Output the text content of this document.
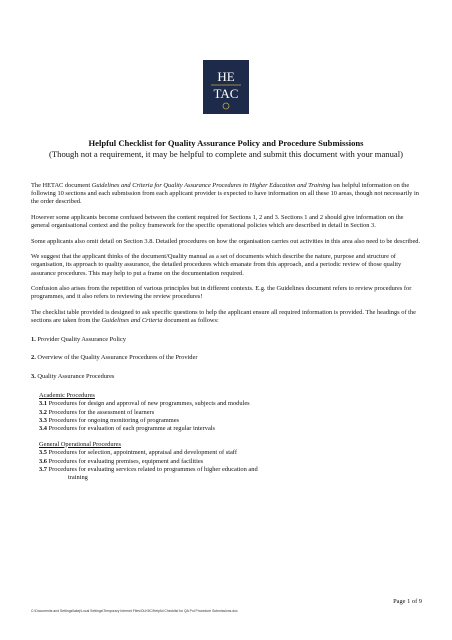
HE
TAC
Helpful Checklist for Quality Assurance Policy and Procedure Submissions
(Though not a requirement, it may be helpful to complete and submit this document with your manual)

The HETAC document Guidelines and Criteria for Quality Assurance Procedures in Higher Education and Training has helpful information on the following 10 sections and each submission from each applicant provider is expected to have information on all these 10 areas, though not necessarily in the order described.

However some applicants become confused between the content required for Sections 1, 2 and 3. Sections 1 and 2 should give information on the general organisational context and the policy framework for the specific operational policies which are described in detail in Section 3.

Some applicants also omit detail on Section 3.8. Detailed procedures on how the organisation carries out activities in this area also need to be described.

We suggest that the applicant thinks of the document/Quality manual as a set of documents which describe the nature, purpose and structure of organisation, its approach to quality assurance, the detailed procedures which emanate from this approach, and a periodic review of those quality assurance procedures. This may help to put a frame on the documentation required.

Confusion also arises from the repetition of various principles but in different contexts. E.g. the Guidelines document refers to review procedures for programmes, and it also refers to reviewing the review procedures!

The checklist table provided is designed to ask specific questions to help the applicant ensure all required information is provided. The headings of the sections are taken from the Guidelines and Criteria document as follows:

1. Provider Quality Assurance Policy
2. Overview of the Quality Assurance Procedures of the Provider
3. Quality Assurance Procedures
Academic Procedures
3.1 Procedures for design and approval of new programmes, subjects and modules
3.2 Procedures for the assessment of learners
3.3 Procedures for ongoing monitoring of programmes
3.4 Procedures for evaluation of each programme at regular intervals
General Operational Procedures
3.5 Procedures for selection, appointment, appraisal and development of staff
3.6 Procedures for evaluating premises, equipment and facilities
3.7 Procedures for evaluating services related to programmes of higher education and
training
Page 1 of 9
C:\Documents and Settings\lakej\Local Settings\Temporary Internet Files\OLK5C\Helpful Checklist for QA Pol Procedure Submissions.doc
